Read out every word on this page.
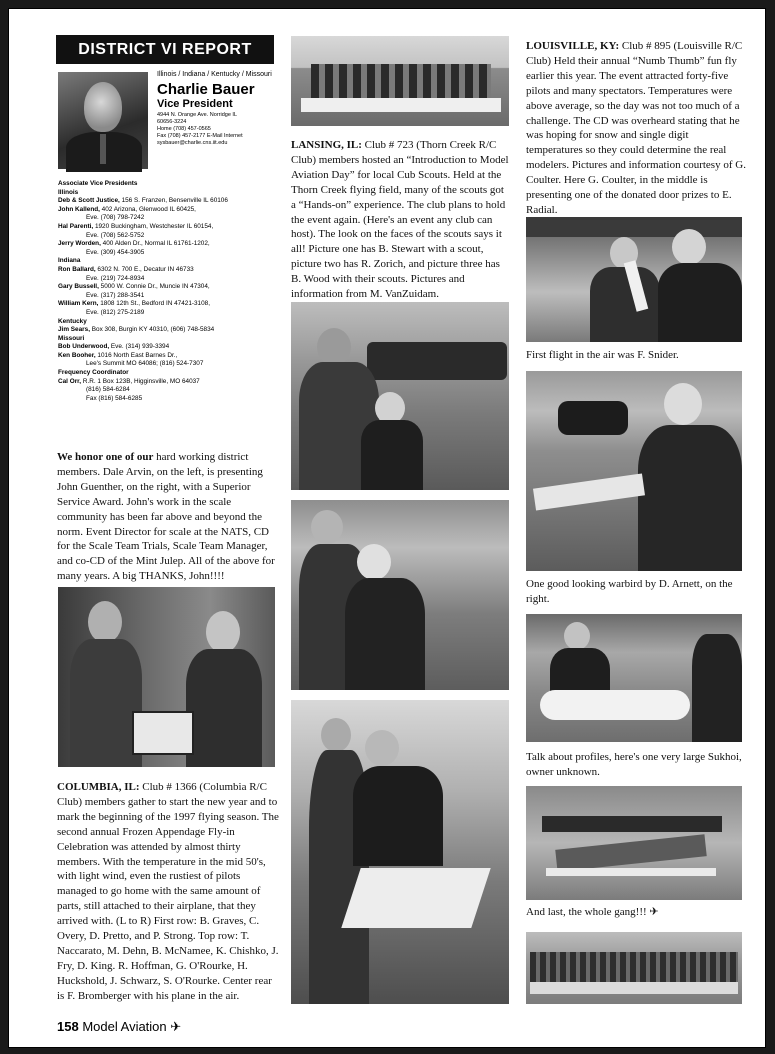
DISTRICT VI REPORT
Illinois / Indiana / Kentucky / Missouri
Charlie Bauer
Vice President
4944 N. Orange Ave. Norridge IL
60656-3224
Home (708) 457-0565
Fax (708) 457-2177 E-Mail Internet
sysbauer@charlie.cns.iit.edu
Associate Vice Presidents
Illinois
Deb & Scott Justice, 156 S. Franzen, Bensenville IL 60106
John Kallend, 402 Arizona, Glenwood IL 60425,
Eve. (708) 798-7242
Hal Parenti, 1920 Buckingham, Westchester IL 60154,
Eve. (708) 562-5752
Jerry Worden, 400 Alden Dr., Normal IL 61761-1202,
Eve. (309) 454-3905
Indiana
Ron Ballard, 6302 N. 700 E., Decatur IN 46733
Eve. (219) 724-8934
Gary Bussell, 5000 W. Connie Dr., Muncie IN 47304,
Eve. (317) 288-3541
William Kern, 1808 12th St., Bedford IN 47421-3108,
Eve. (812) 275-2189
Kentucky
Jim Sears, Box 308, Burgin KY 40310, (606) 748-5834
Missouri
Bob Underwood, Eve. (314) 939-3394
Ken Booher, 1016 North East Barnes Dr.,
Lee's Summit MO 64086; (816) 524-7307
Frequency Coordinator
Cal Orr, R.R. 1 Box 123B, Higginsville, MO 64037
(816) 584-6284
Fax (816) 584-6285
We honor one of our hard working district members. Dale Arvin, on the left, is presenting John Guenther, on the right, with a Superior Service Award. John's work in the scale community has been far above and beyond the norm. Event Director for scale at the NATS, CD for the Scale Team Trials, Scale Team Manager, and co-CD of the Mint Julep. All of the above for many years. A big THANKS, John!!!!
COLUMBIA, IL: Club # 1366 (Columbia R/C Club) members gather to start the new year and to mark the beginning of the 1997 flying season. The second annual Frozen Appendage Fly-in Celebration was attended by almost thirty members. With the temperature in the mid 50's, with light wind, even the rustiest of pilots managed to go home with the same amount of parts, still attached to their airplane, that they arrived with. (L to R) First row: B. Graves, C. Overy, D. Pretto, and P. Strong. Top row: T. Naccarato, M. Dehn, B. McNamee, K. Chishko, J. Fry, D. King. R. Hoffman, G. O'Rourke, H. Huckshold, J. Schwarz, S. O'Rourke. Center rear is F. Bromberger with his plane in the air.
158 Model Aviation ✈
LANSING, IL: Club # 723 (Thorn Creek R/C Club) members hosted an “Introduction to Model Aviation Day” for local Cub Scouts. Held at the Thorn Creek flying field, many of the scouts got a “Hands-on” experience. The club plans to hold the event again. (Here's an event any club can host). The look on the faces of the scouts says it all! Picture one has B. Stewart with a scout, picture two has R. Zorich, and picture three has B. Wood with their scouts. Pictures and information from M. VanZuidam.
LOUISVILLE, KY: Club # 895 (Louisville R/C Club) Held their annual “Numb Thumb” fun fly earlier this year. The event attracted forty-five pilots and many spectators. Temperatures were above average, so the day was not too much of a challenge. The CD was overheard stating that he was hoping for snow and single digit temperatures so they could determine the real modelers. Pictures and information courtesy of G. Coulter. Here G. Coulter, in the middle is presenting one of the donated door prizes to E. Radial.
First flight in the air was F. Snider.
One good looking warbird by D. Arnett, on the right.
Talk about profiles, here's one very large Sukhoi, owner unknown.
And last, the whole gang!!! ✈
